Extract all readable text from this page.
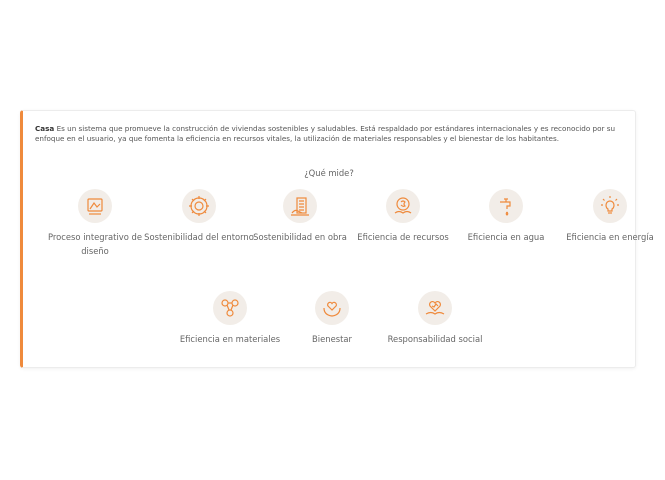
Casa Es un sistema que promueve la construcción de viviendas sostenibles y saludables. Está respaldado por estándares internacionales y es reconocido por su enfoque en el usuario, ya que fomenta la eficiencia en recursos vitales, la utilización de materiales responsables y el bienestar de los habitantes.

¿Qué mide?
Proceso integrativo de diseño
Sostenibilidad del entorno Sostenibilidad en obra	Eficiencia de recursos	Eficiencia en agua	Eficiencia en energía
Eficiencia en materiales	Bienestar	Responsabilidad social
